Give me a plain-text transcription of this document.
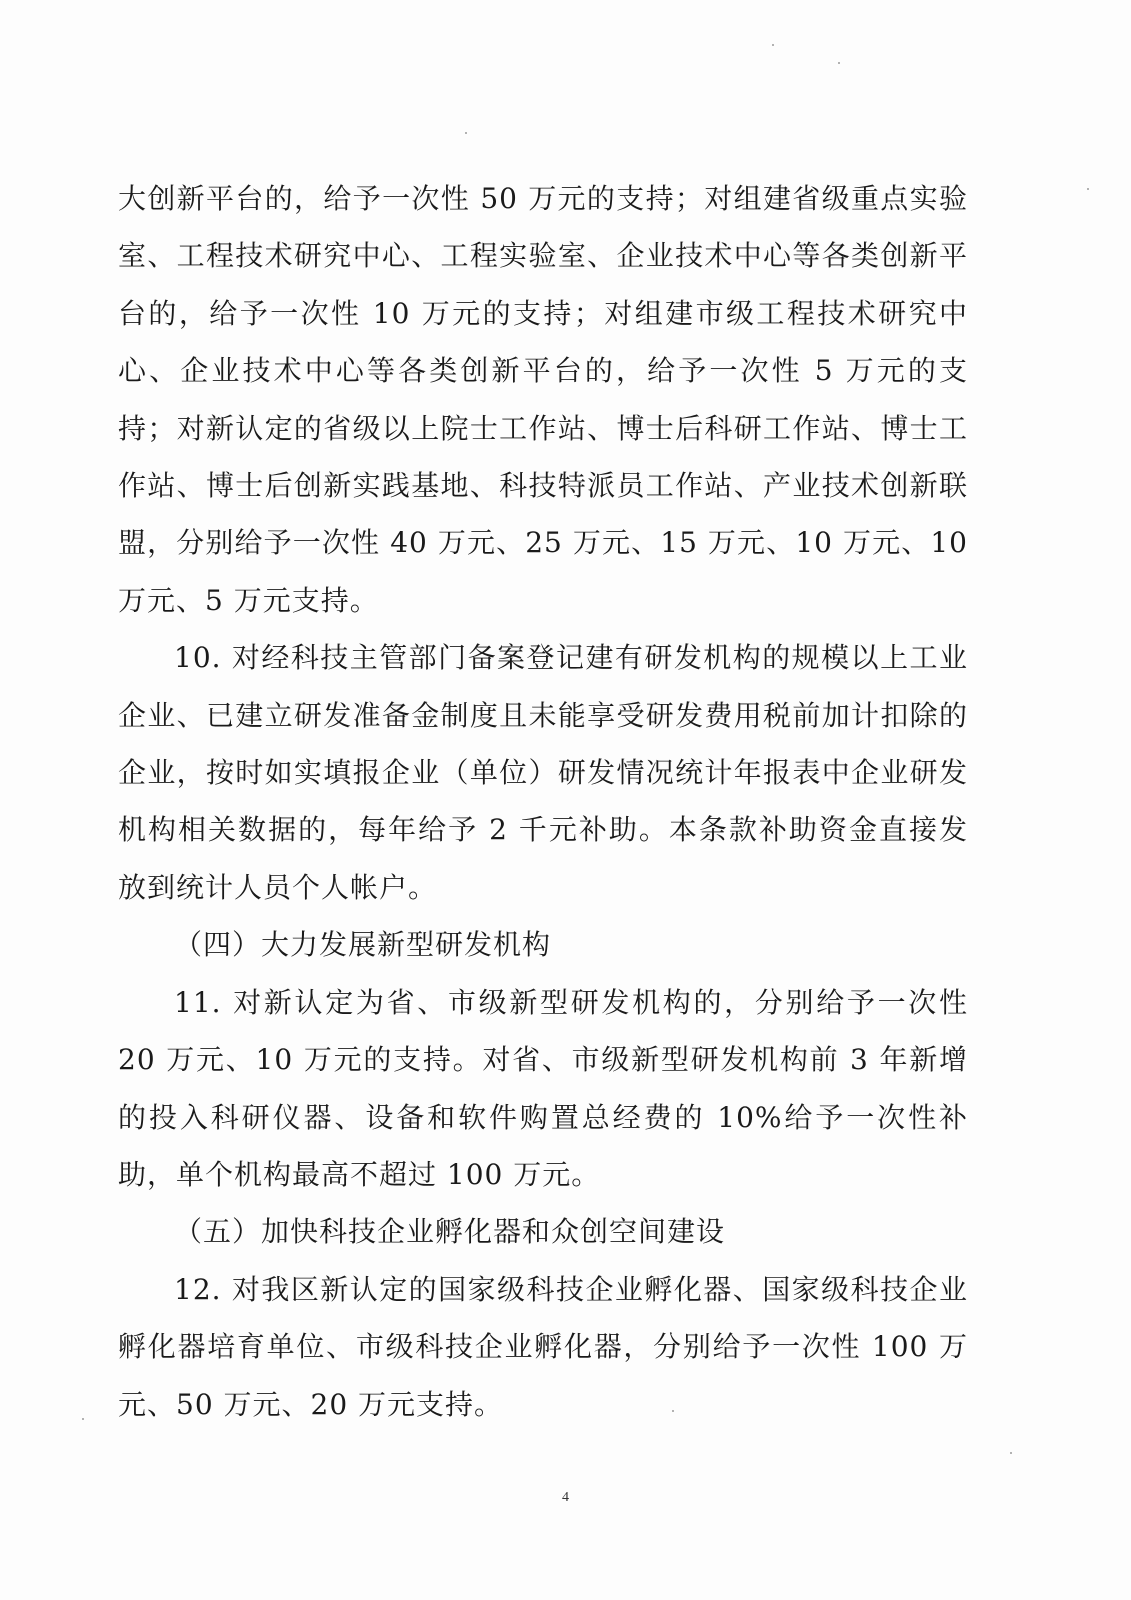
大创新平台的，给予一次性 50 万元的支持；对组建省级重点实验室、工程技术研究中心、工程实验室、企业技术中心等各类创新平台的，给予一次性 10 万元的支持；对组建市级工程技术研究中心、企业技术中心等各类创新平台的，给予一次性 5 万元的支持；对新认定的省级以上院士工作站、博士后科研工作站、博士工作站、博士后创新实践基地、科技特派员工作站、产业技术创新联盟，分别给予一次性 40 万元、25 万元、15 万元、10 万元、10 万元、5 万元支持。

10. 对经科技主管部门备案登记建有研发机构的规模以上工业企业、已建立研发准备金制度且未能享受研发费用税前加计扣除的企业，按时如实填报企业（单位）研发情况统计年报表中企业研发机构相关数据的，每年给予 2 千元补助。本条款补助资金直接发放到统计人员个人帐户。

（四）大力发展新型研发机构

11. 对新认定为省、市级新型研发机构的，分别给予一次性 20 万元、10 万元的支持。对省、市级新型研发机构前 3 年新增的投入科研仪器、设备和软件购置总经费的 10%给予一次性补助，单个机构最高不超过 100 万元。

（五）加快科技企业孵化器和众创空间建设

12. 对我区新认定的国家级科技企业孵化器、国家级科技企业孵化器培育单位、市级科技企业孵化器，分别给予一次性 100 万元、50 万元、20 万元支持。

4
